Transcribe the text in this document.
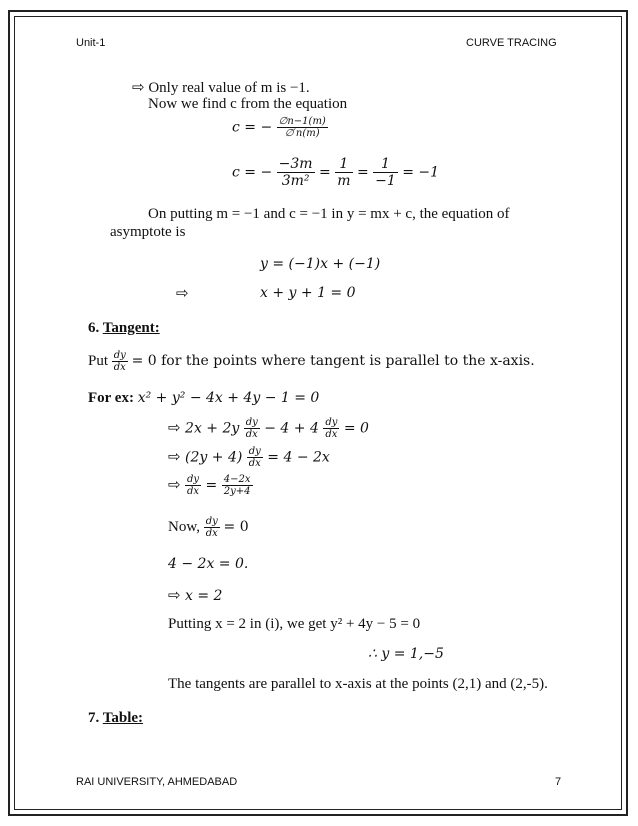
Unit-1	CURVE TRACING
⇨ Only real value of m is −1.
Now we find c from the equation
c = − $\frac{\emptyset n-1(m)}{\emptyset'n(m)}$
c = − $\frac{-3m}{\text{3m²}} = \frac{1}{m} = \frac{1}{-1} = -1$
On putting m = −1 and c = −1 in y = mx + c, the equation of
asymptote is
y = (−1)x + (−1)
⇨	x + y + 1 = 0
6. Tangent:
Put $\frac{dy}{dx} = 0$ for the points where tangent is parallel to the x-axis.
For ex: x² + y² − 4x + 4y − 1 = 0
⇨ $2x + 2y \frac{dy}{dx} - 4 + 4 \frac{dy}{dx} = 0$
⇨ $(2y + 4) \frac{dy}{dx} = 4 - 2x$
⇨ $\frac{dy}{dx} = \frac{4-2x}{2y+4}$
Now, $\frac{dy}{dx} = 0$
4 − 2x = 0.
⇨ x = 2
Putting x = 2 in (i), we get y² + 4y − 5 = 0
∴ y = 1,−5
The tangents are parallel to x-axis at the points (2,1) and (2,-5).
7. Table:
RAI UNIVERSITY, AHMEDABAD	7
